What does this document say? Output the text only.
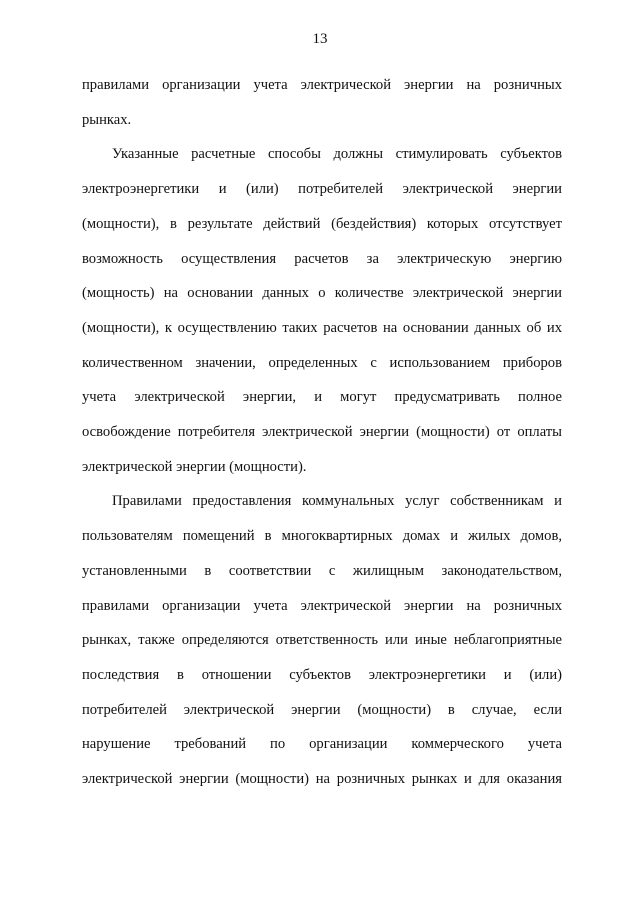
13
правилами организации учета электрической энергии на розничных
рынках.
Указанные расчетные способы должны стимулировать субъектов
электроэнергетики и (или) потребителей электрической энергии
(мощности), в результате действий (бездействия) которых отсутствует
возможность осуществления расчетов за электрическую энергию
(мощность) на основании данных о количестве электрической энергии
(мощности), к осуществлению таких расчетов на основании данных об их
количественном значении, определенных с использованием приборов
учета электрической энергии, и могут предусматривать полное
освобождение потребителя электрической энергии (мощности) от оплаты
электрической энергии (мощности).
Правилами предоставления коммунальных услуг собственникам и
пользователям помещений в многоквартирных домах и жилых домов,
установленными в соответствии с жилищным законодательством,
правилами организации учета электрической энергии на розничных
рынках, также определяются ответственность или иные неблагоприятные
последствия в отношении субъектов электроэнергетики и (или)
потребителей электрической энергии (мощности) в случае, если
нарушение требований по организации коммерческого учета
электрической энергии (мощности) на розничных рынках и для оказания
